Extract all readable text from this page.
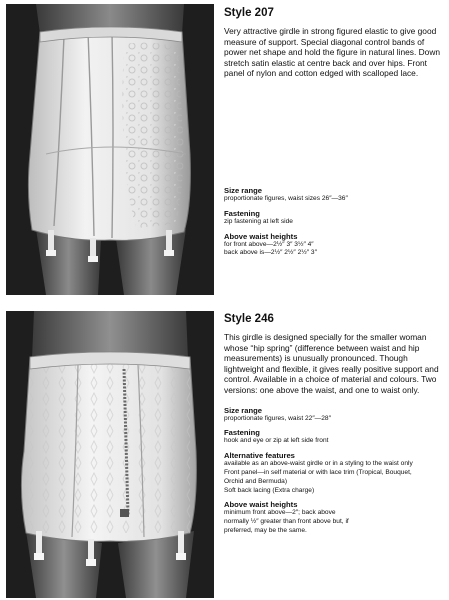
Style 207

Very attractive girdle in strong figured elastic to give good measure of support. Special diagonal control bands of power net shape and hold the figure in natural lines. Down stretch satin elastic at centre back and over hips. Front panel of nylon and cotton edged with scalloped lace.

Size range

proportionate figures, waist sizes 26″—36″

Fastening

zip fastening at left side

Above waist heights

for front above—2½″ 3″ 3½″ 4″

back above is—2½″ 2½″ 2½″ 3″

Style 246

This girdle is designed specially for the smaller woman whose “hip spring” (difference between waist and hip measurements) is unusually pronounced. Though lightweight and flexible, it gives really positive support and control. Available in a choice of material and colours. Two versions: one above the waist, and one to waist only.

Size range

proportionate figures, waist 22″—28″

Fastening

hook and eye or zip at left side front

Alternative features

available as an above-waist girdle or in a styling to the waist only

Front panel—in self material or with lace trim (Tropical, Bouquet,

Orchid and Bermuda)

Soft back lacing (Extra charge)

Above waist heights

minimum front above—2″; back above

normally ½″ greater than front above but, if

preferred, may be the same.
